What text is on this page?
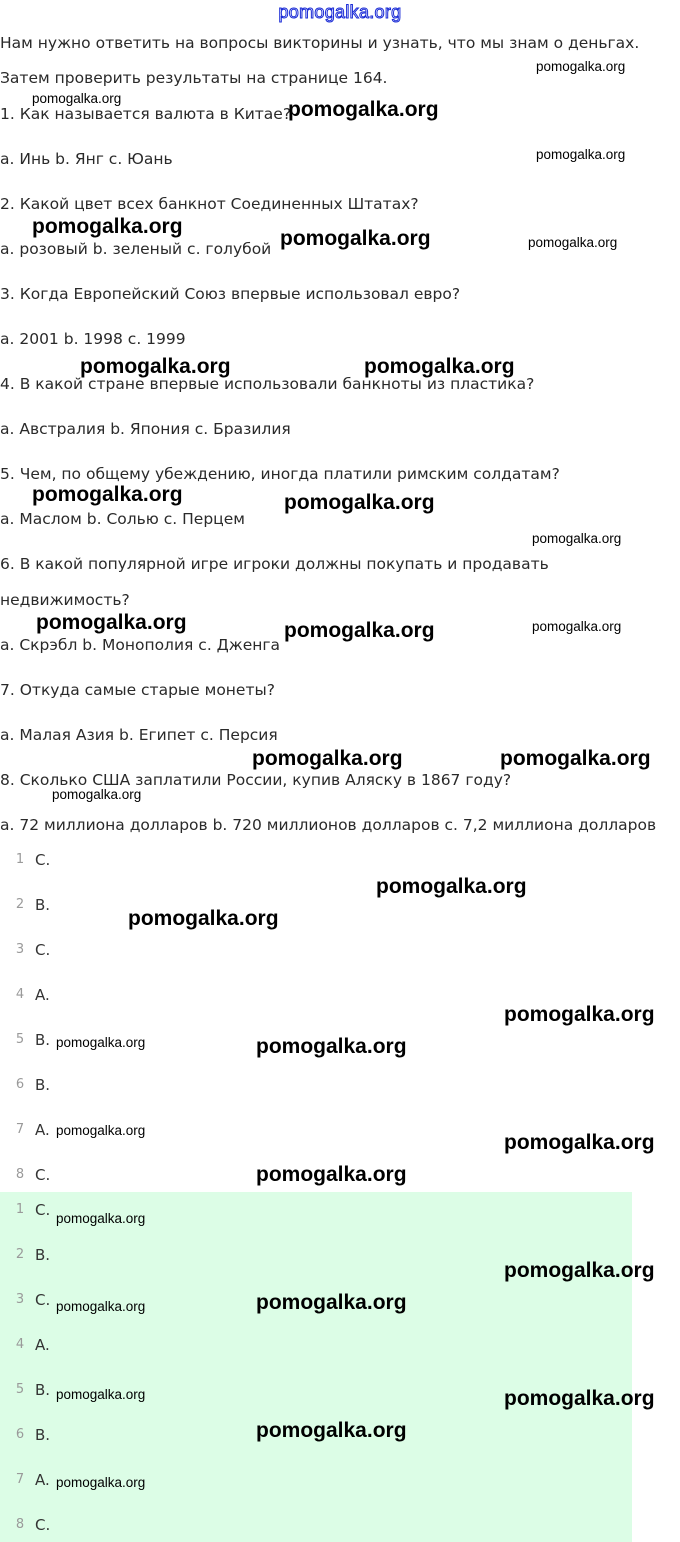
pomogalka.org
Нам нужно ответить на вопросы викторины и узнать, что мы знам о деньгах.
Затем проверить результаты на странице 164.
1. Как называется валюта в Китае?
a. Инь b. Янг c. Юань
2. Какой цвет всех банкнот Соединенных Штатах?
a. розовый b. зеленый c. голубой
3. Когда Европейский Союз впервые использовал евро?
a. 2001 b. 1998 c. 1999
4. В какой стране впервые использовали банкноты из пластика?
a. Австралия b. Япония c. Бразилия
5. Чем, по общему убеждению, иногда платили римским солдатам?
a. Маслом b. Солью c. Перцем
6. В какой популярной игре игроки должны покупать и продавать
недвижимость?
a. Скрэбл b. Монополия c. Дженга
7. Откуда самые старые монеты?
a. Малая Азия b. Египет c. Персия
8. Сколько США заплатили России, купив Аляску в 1867 году?
a. 72 миллиона долларов b. 720 миллионов долларов c. 7,2 миллиона долларов
1 C.
2 B.
3 C.
4 A.
5 B.
6 B.
7 A.
8 C.
1 C.
2 B.
3 C.
4 A.
5 B.
6 B.
7 A.
8 C.
pomogalka.org
pomogalka.org	pomogalka.org
pomogalka.org
pomogalka.org
pomogalka.org	pomogalka.org
pomogalka.org	pomogalka.org
pomogalka.org	pomogalka.org
pomogalka.org
pomogalka.org	pomogalka.org	pomogalka.org
pomogalka.org	pomogalka.org
pomogalka.org
pomogalka.org
pomogalka.org
pomogalka.org
pomogalka.org	pomogalka.org
pomogalka.org
pomogalka.org
pomogalka.org
pomogalka.org
pomogalka.org
pomogalka.org	pomogalka.org
pomogalka.org	pomogalka.org
pomogalka.org
pomogalka.org
